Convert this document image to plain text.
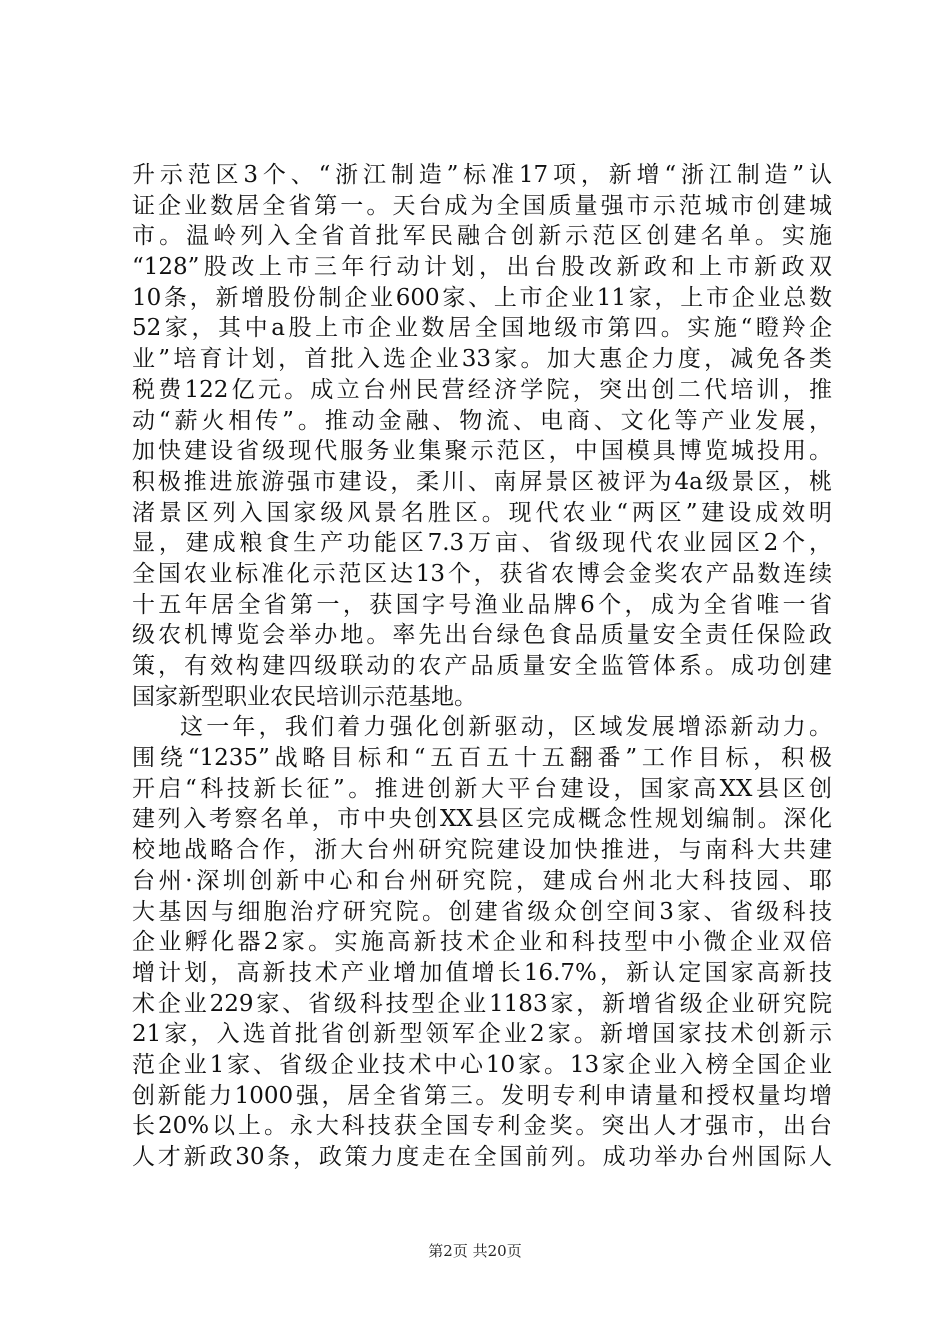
升示范区3个、“浙江制造”标准17项，新增“浙江制造”认
证企业数居全省第一。天台成为全国质量强市示范城市创建城
市。温岭列入全省首批军民融合创新示范区创建名单。实施
“128”股改上市三年行动计划，出台股改新政和上市新政双
10条，新增股份制企业600家、上市企业11家，上市企业总数
52家，其中a股上市企业数居全国地级市第四。实施“瞪羚企
业”培育计划，首批入选企业33家。加大惠企力度，减免各类
税费122亿元。成立台州民营经济学院，突出创二代培训，推
动“薪火相传”。推动金融、物流、电商、文化等产业发展，
加快建设省级现代服务业集聚示范区，中国模具博览城投用。
积极推进旅游强市建设，柔川、南屏景区被评为4a级景区，桃
渚景区列入国家级风景名胜区。现代农业“两区”建设成效明
显，建成粮食生产功能区7.3万亩、省级现代农业园区2个，
全国农业标准化示范区达13个，获省农博会金奖农产品数连续
十五年居全省第一，获国字号渔业品牌6个，成为全省唯一省
级农机博览会举办地。率先出台绿色食品质量安全责任保险政
策，有效构建四级联动的农产品质量安全监管体系。成功创建
国家新型职业农民培训示范基地。
这一年，我们着力强化创新驱动，区域发展增添新动力。
围绕“1235”战略目标和“五百五十五翻番”工作目标，积极
开启“科技新长征”。推进创新大平台建设，国家高XX县区创
建列入考察名单，市中央创XX县区完成概念性规划编制。深化
校地战略合作，浙大台州研究院建设加快推进，与南科大共建
台州·深圳创新中心和台州研究院，建成台州北大科技园、耶
大基因与细胞治疗研究院。创建省级众创空间3家、省级科技
企业孵化器2家。实施高新技术企业和科技型中小微企业双倍
增计划，高新技术产业增加值增长16.7%，新认定国家高新技
术企业229家、省级科技型企业1183家，新增省级企业研究院
21家，入选首批省创新型领军企业2家。新增国家技术创新示
范企业1家、省级企业技术中心10家。13家企业入榜全国企业
创新能力1000强，居全省第三。发明专利申请量和授权量均增
长20%以上。永大科技获全国专利金奖。突出人才强市，出台
人才新政30条，政策力度走在全国前列。成功举办台州国际人
第2页 共20页
